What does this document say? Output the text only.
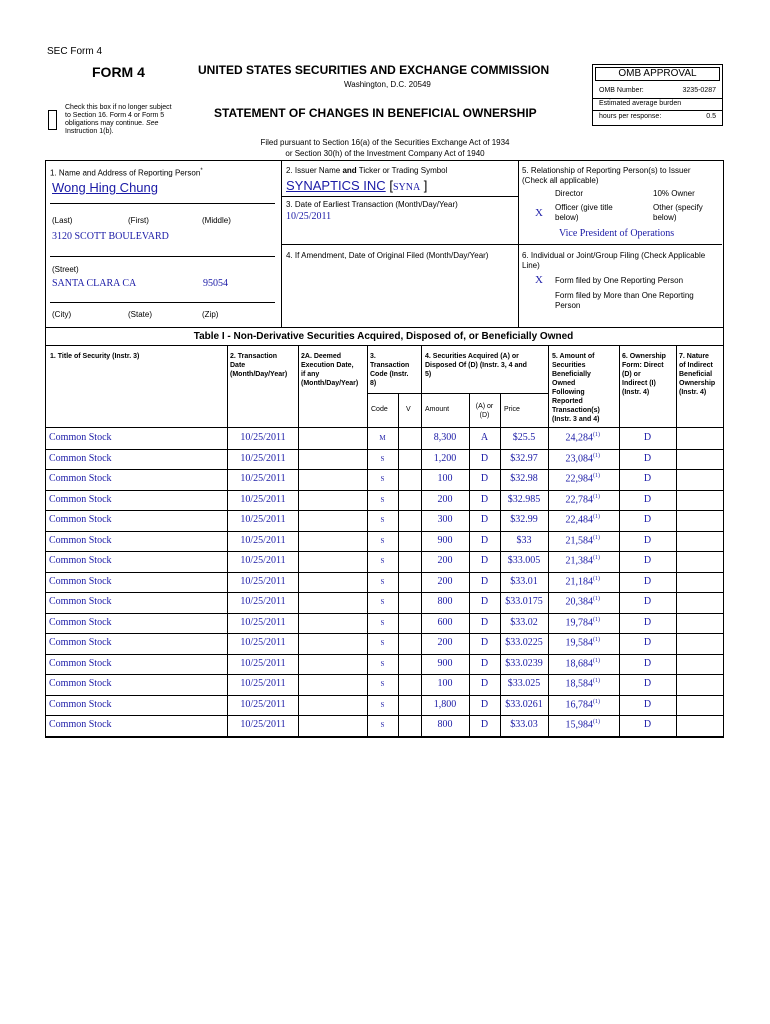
SEC Form 4
FORM 4	UNITED STATES SECURITIES AND EXCHANGE COMMISSION
Washington, D.C. 20549
Check this box if no longer subject
to Section 16. Form 4 or Form 5
obligations may continue. See
Instruction 1(b).
STATEMENT OF CHANGES IN BENEFICIAL OWNERSHIP
Filed pursuant to Section 16(a) of the Securities Exchange Act of 1934
or Section 30(h) of the Investment Company Act of 1940
OMB APPROVAL
OMB Number:	3235-0287
Estimated average burden
hours per response:	0.5
1. Name and Address of Reporting Person*
Wong Hing Chung
(Last)	(First)	(Middle)
3120 SCOTT BOULEVARD
(Street)
SANTA CLARA CA	95054
(City)	(State)	(Zip)
2. Issuer Name and Ticker or Trading Symbol
SYNAPTICS INC [SYNA ]
3. Date of Earliest Transaction (Month/Day/Year)
10/25/2011
4. If Amendment, Date of Original Filed (Month/Day/Year)
5. Relationship of Reporting Person(s) to Issuer
(Check all applicable)
Director	10% Owner
X Officer (give title
below)
Other (specify
below)
Vice President of Operations
6. Individual or Joint/Group Filing (Check Applicable
Line)
X Form filed by One Reporting Person
Form filed by More than One Reporting
Person
Table I - Non-Derivative Securities Acquired, Disposed of, or Beneficially Owned
1. Title of Security (Instr. 3)	2. Transaction
Date
(Month/Day/Year)
2A. Deemed
Execution Date,
if any
(Month/Day/Year)
3.
Transaction
Code (Instr.
8)
4. Securities Acquired (A) or
Disposed Of (D) (Instr. 3, 4 and
5)
5. Amount of
Securities
Beneficially
Owned
Following
Reported
Transaction(s)
(Instr. 3 and 4)
6. Ownership
Form: Direct
(D) or
Indirect (I)
(Instr. 4)
7. Nature
of Indirect
Beneficial
Ownership
(Instr. 4)
Code	V Amount	(A) or
(D)
Price
Common Stock	10/25/2011	M	8,300	A	$25.5	24,284$^{(1)}$	D
Common Stock	10/25/2011	S	1,200	D	$32.97	23,084$^{(1)}$	D
Common Stock	10/25/2011	S	100	D	$32.98	22,984$^{(1)}$	D
Common Stock	10/25/2011	S	200	D	$32.985	22,784$^{(1)}$	D
Common Stock	10/25/2011	S	300	D	$32.99	22,484$^{(1)}$	D
Common Stock	10/25/2011	S	900	D	$33	21,584$^{(1)}$	D
Common Stock	10/25/2011	S	200	D	$33.005	21,384$^{(1)}$	D
Common Stock	10/25/2011	S	200	D	$33.01	21,184$^{(1)}$	D
Common Stock	10/25/2011	S	800	D	$33.0175	20,384$^{(1)}$	D
Common Stock	10/25/2011	S	600	D	$33.02	19,784$^{(1)}$	D
Common Stock	10/25/2011	S	200	D	$33.0225	19,584$^{(1)}$	D
Common Stock	10/25/2011	S	900	D	$33.0239	18,684$^{(1)}$	D
Common Stock	10/25/2011	S	100	D	$33.025	18,584$^{(1)}$	D
Common Stock	10/25/2011	S	1,800	D	$33.0261	16,784$^{(1)}$	D
Common Stock	10/25/2011	S	800	D	$33.03	15,984$^{(1)}$	D
